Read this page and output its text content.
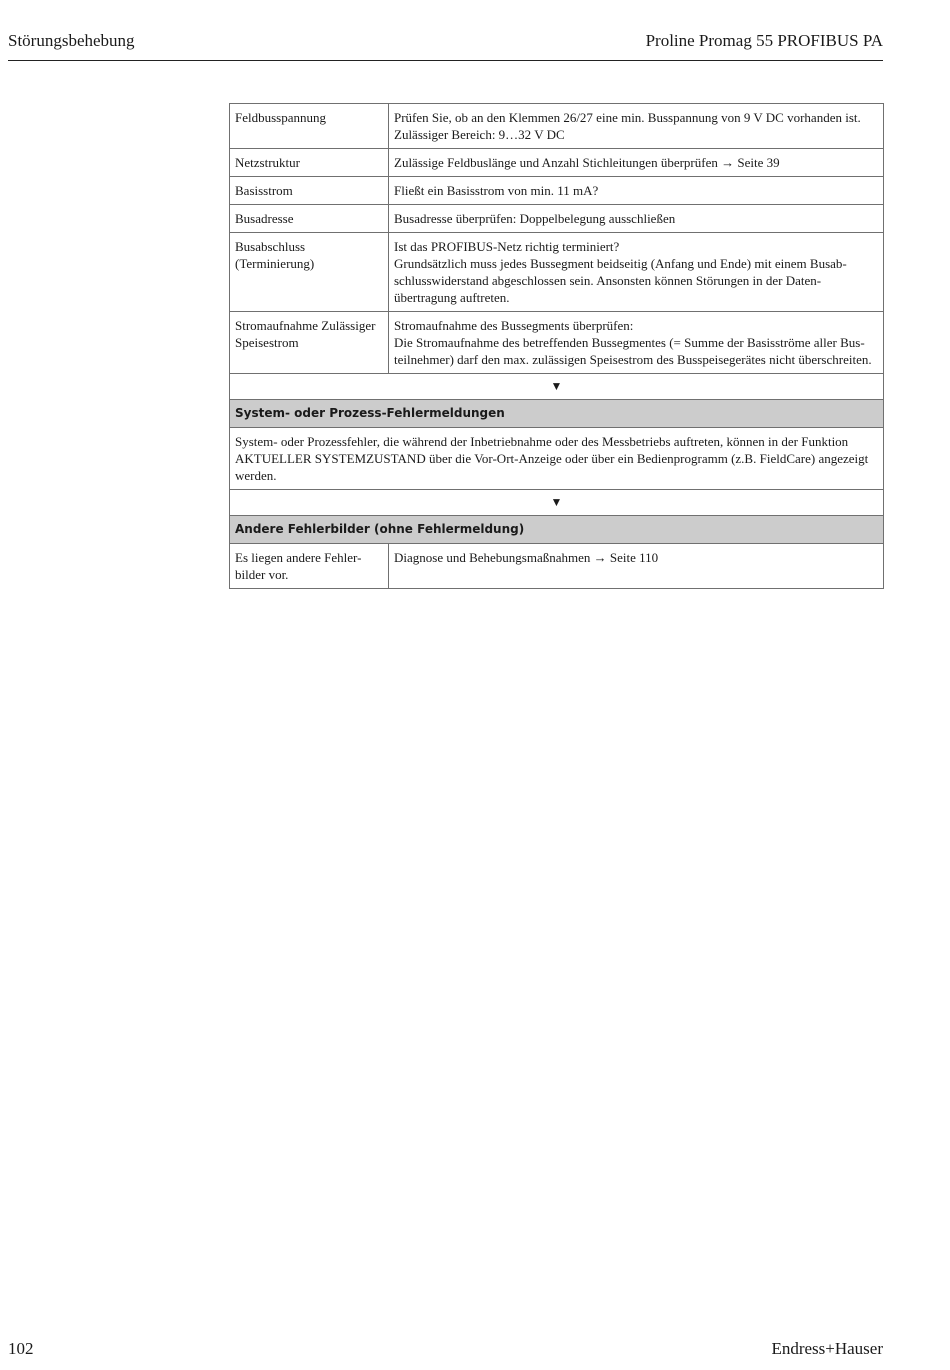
Störungsbehebung	Proline Promag 55 PROFIBUS PA
Feldbusspannung	Prüfen Sie, ob an den Klemmen 26/27 eine min. Busspannung von 9 V DC vorhanden ist.
Zulässiger Bereich: 9…32 V DC

Netzstruktur	Zulässige Feldbuslänge und Anzahl Stichleitungen überprüfen → Seite 39

Basisstrom	Fließt ein Basisstrom von min. 11 mA?

Busadresse	Busadresse überprüfen: Doppelbelegung ausschließen

Busabschluss
(Terminierung)	Ist das PROFIBUS-Netz richtig terminiert?
Grundsätzlich muss jedes Bussegment beidseitig (Anfang und Ende) mit einem Busab-
schlusswiderstand abgeschlossen sein. Ansonsten können Störungen in der Daten-
übertragung auftreten.

Stromaufnahme Zulässiger
Speisestrom	Stromaufnahme des Bussegments überprüfen:
Die Stromaufnahme des betreffenden Bussegmentes (= Summe der Basisströme aller Bus-
teilnehmer) darf den max. zulässigen Speisestrom des Busspeisegerätes nicht überschreiten.

▼	
System- oder Prozess-Fehlermeldungen	

System- oder Prozessfehler, die während der Inbetriebnahme oder des Messbetriebs auftreten, können in der Funktion
AKTUELLER SYSTEMZUSTAND über die Vor-Ort-Anzeige oder über ein Bedienprogramm (z.B. FieldCare) angezeigt
werden.	

▼	
Andere Fehlerbilder (ohne Fehlermeldung)	

Es liegen andere Fehler-
bilder vor.	Diagnose und Behebungsmaßnahmen → Seite 110
102	Endress+Hauser
